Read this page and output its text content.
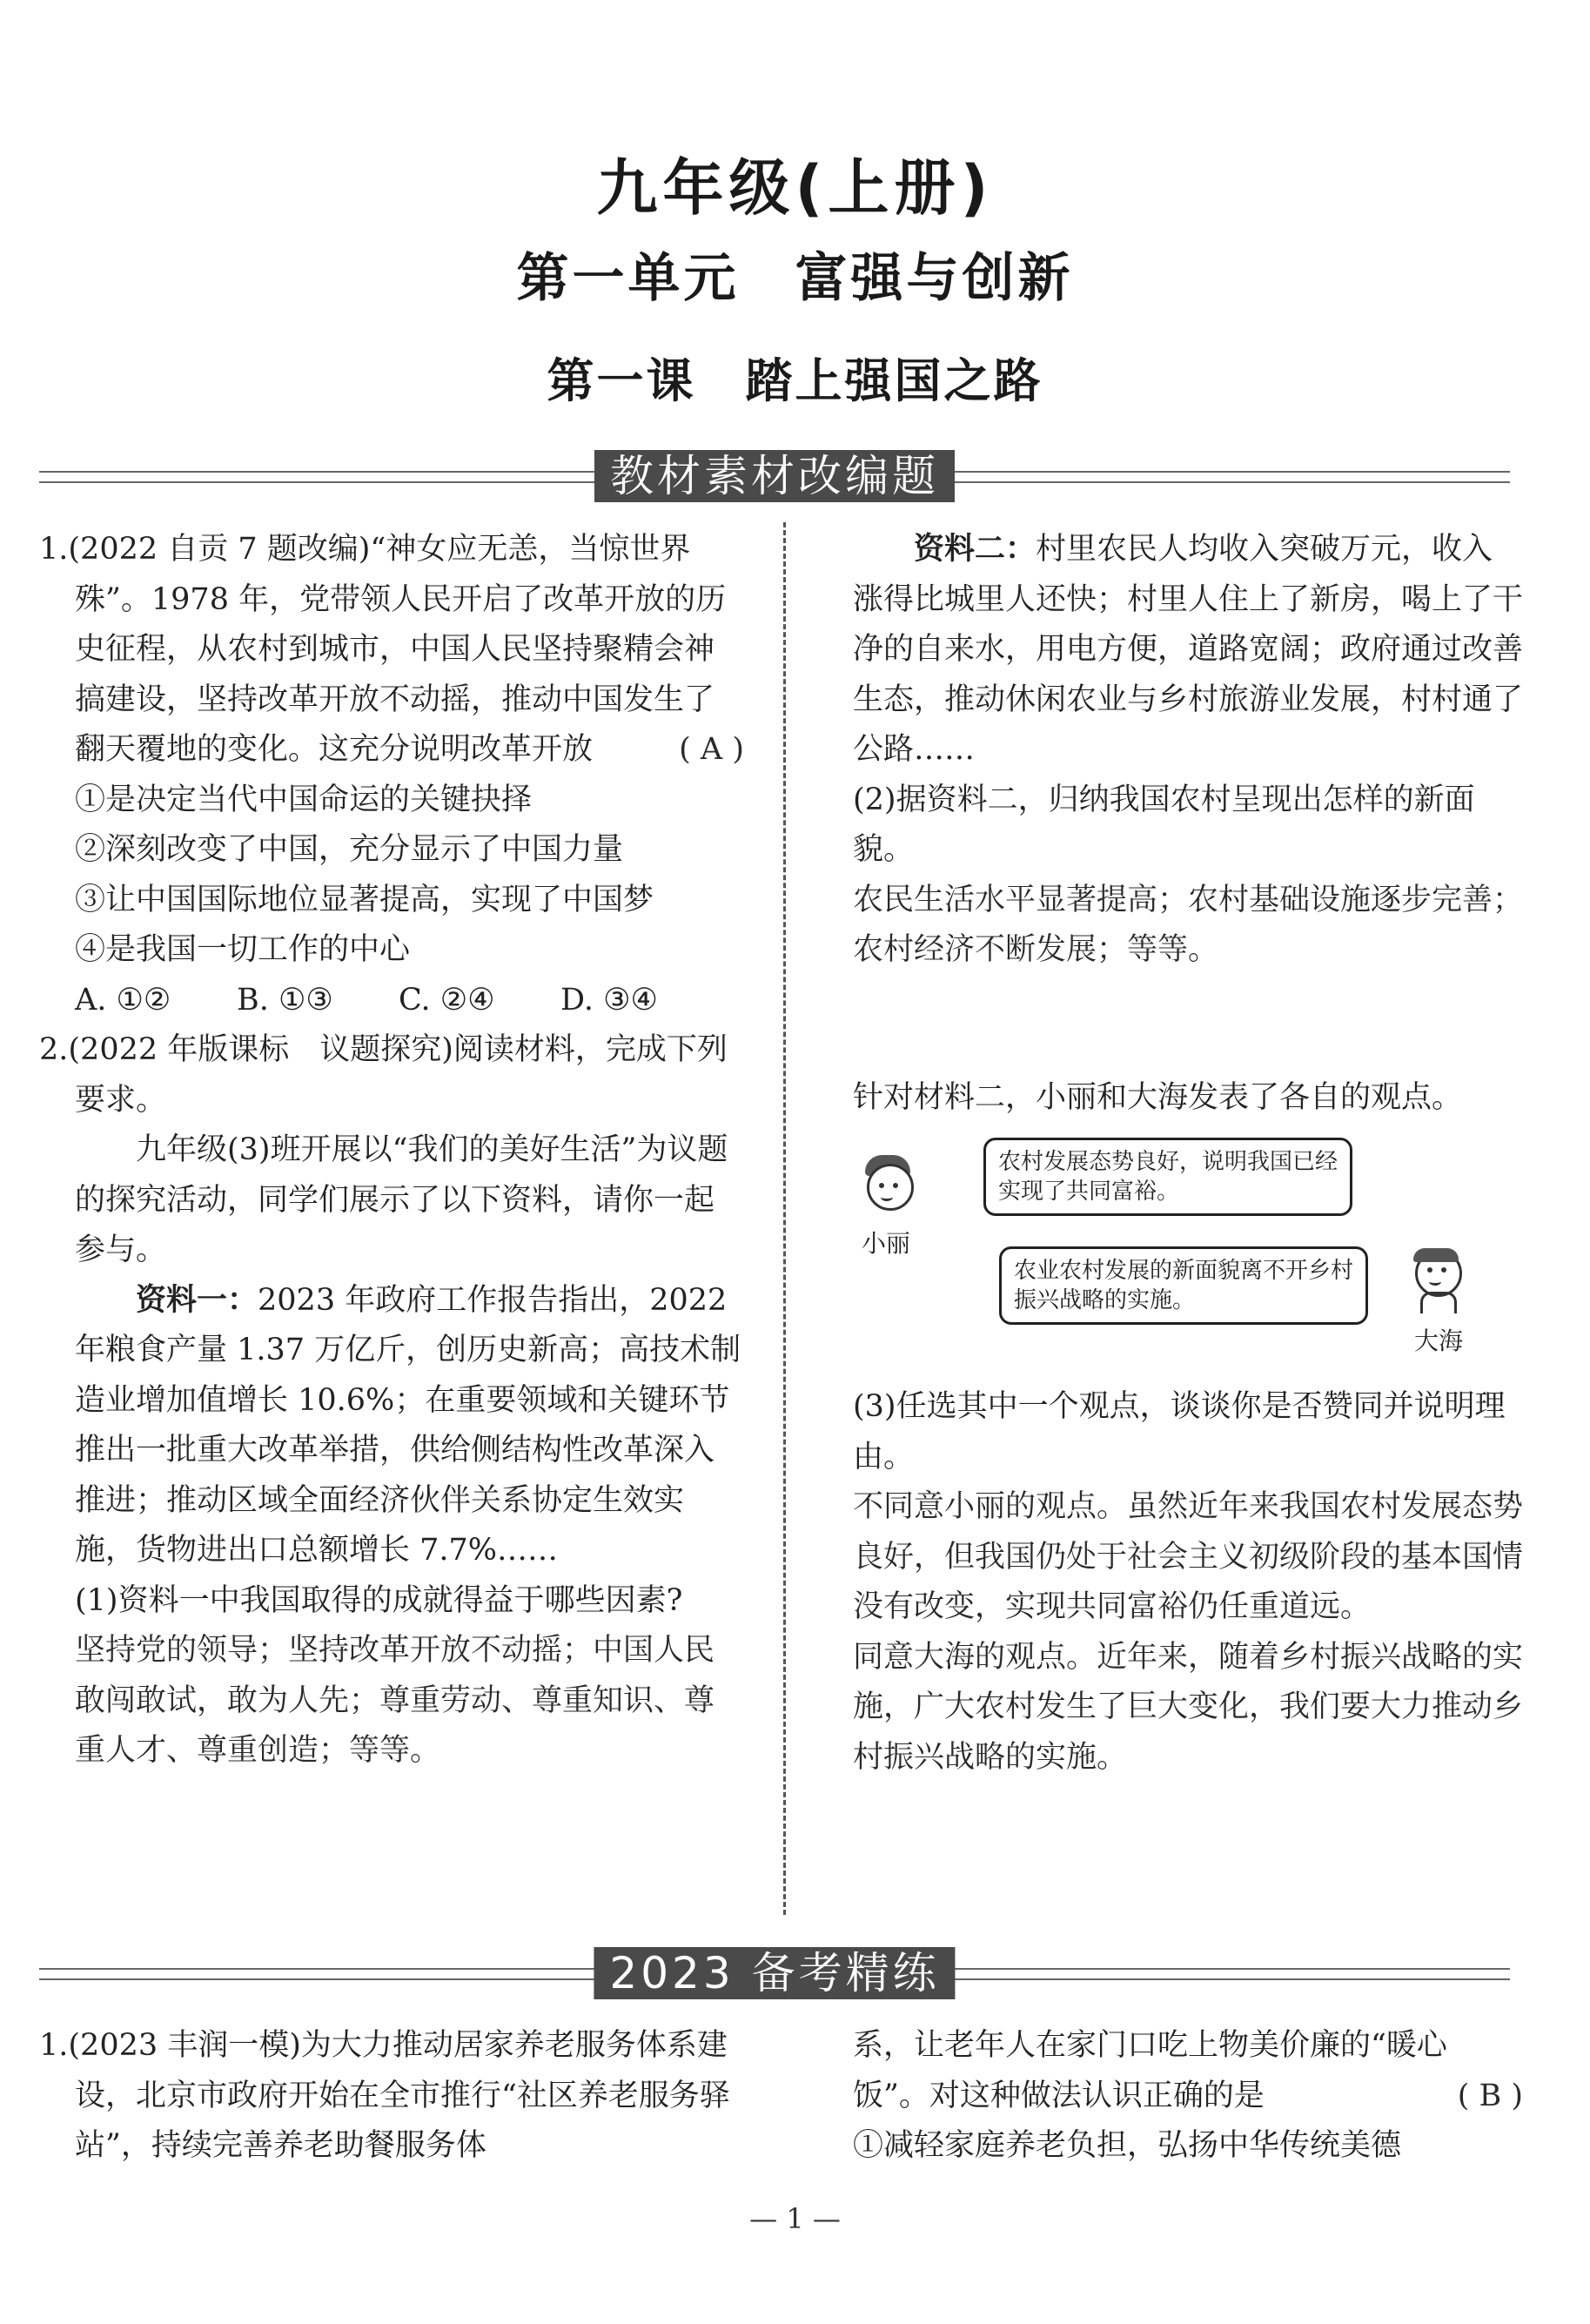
九年级(上册)
第一单元　富强与创新
第一课　踏上强国之路
教材素材改编题

1.(2022 自贡 7 题改编)“神女应无恙，当惊世界殊”。1978 年，党带领人民开启了改革开放的历史征程，从农村到城市，中国人民坚持聚精会神搞建设，坚持改革开放不动摇，推动中国发生了翻天覆地的变化。这充分说明改革开放	( A )

①是决定当代中国命运的关键抉择

②深刻改变了中国，充分显示了中国力量

③让中国国际地位显著提高，实现了中国梦

④是我国一切工作的中心

A. ①② B. ①③ C. ②④ D. ③④

2.(2022 年版课标　议题探究)阅读材料，完成下列要求。

九年级(3)班开展以“我们的美好生活”为议题的探究活动，同学们展示了以下资料，请你一起参与。

资料一：2023 年政府工作报告指出，2022 年粮食产量 1.37 万亿斤，创历史新高；高技术制造业增加值增长 10.6%；在重要领域和关键环节推出一批重大改革举措，供给侧结构性改革深入推进；推动区域全面经济伙伴关系协定生效实施，货物进出口总额增长 7.7%……

(1)资料一中我国取得的成就得益于哪些因素?

坚持党的领导；坚持改革开放不动摇；中国人民敢闯敢试，敢为人先；尊重劳动、尊重知识、尊重人才、尊重创造；等等。

资料二：村里农民人均收入突破万元，收入涨得比城里人还快；村里人住上了新房，喝上了干净的自来水，用电方便，道路宽阔；政府通过改善生态，推动休闲农业与乡村旅游业发展，村村通了公路……

(2)据资料二，归纳我国农村呈现出怎样的新面貌。

农民生活水平显著提高；农村基础设施逐步完善；农村经济不断发展；等等。

针对材料二，小丽和大海发表了各自的观点。
小丽
农村发展态势良好，说明我国已经实现了共同富裕。
农业农村发展的新面貌离不开乡村振兴战略的实施。
大海

(3)任选其中一个观点，谈谈你是否赞同并说明理由。

不同意小丽的观点。虽然近年来我国农村发展态势良好，但我国仍处于社会主义初级阶段的基本国情没有改变，实现共同富裕仍任重道远。

同意大海的观点。近年来，随着乡村振兴战略的实施，广大农村发生了巨大变化，我们要大力推动乡村振兴战略的实施。

2023 备考精练

1.(2023 丰润一模)为大力推动居家养老服务体系建设，北京市政府开始在全市推行“社区养老服务驿站”，持续完善养老助餐服务体

系，让老年人在家门口吃上物美价廉的“暖心饭”。对这种做法认识正确的是	( B )

①减轻家庭养老负担，弘扬中华传统美德

— 1 —
